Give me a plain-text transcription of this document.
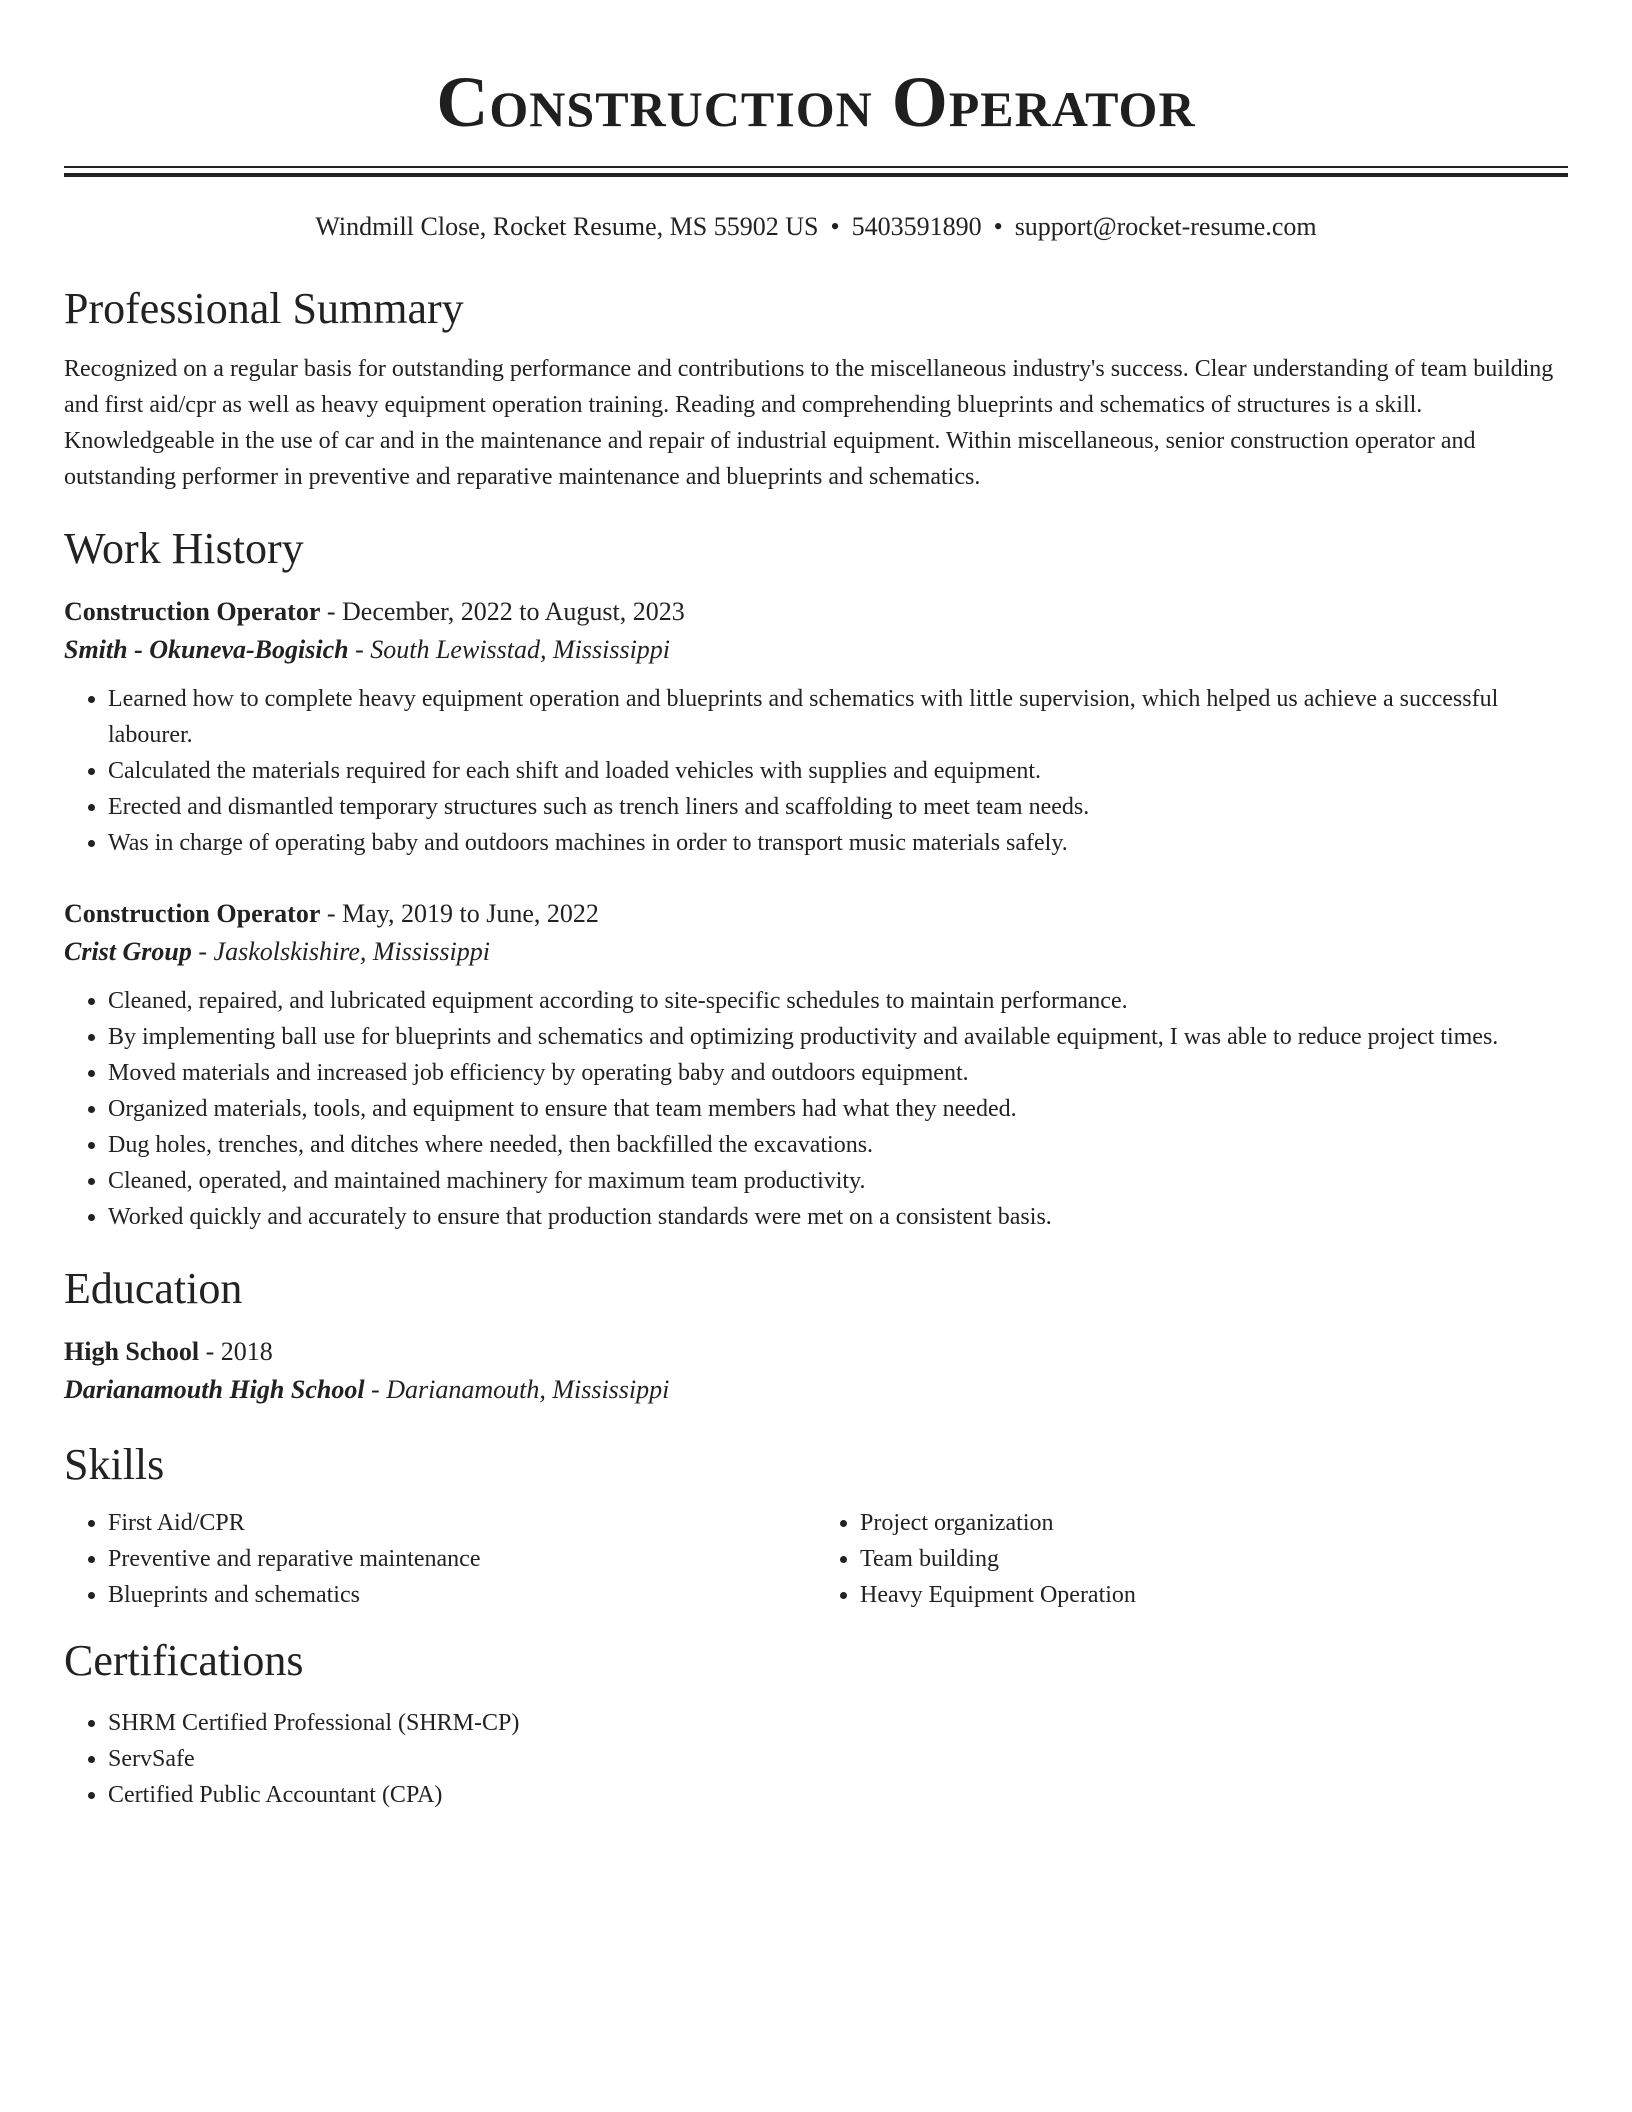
Construction Operator
Windmill Close, Rocket Resume, MS 55902 US • 5403591890 • support@rocket-resume.com
Professional Summary
Recognized on a regular basis for outstanding performance and contributions to the miscellaneous industry's success. Clear understanding of team building and first aid/cpr as well as heavy equipment operation training. Reading and comprehending blueprints and schematics of structures is a skill. Knowledgeable in the use of car and in the maintenance and repair of industrial equipment. Within miscellaneous, senior construction operator and outstanding performer in preventive and reparative maintenance and blueprints and schematics.
Work History
Construction Operator - December, 2022 to August, 2023
Smith - Okuneva-Bogisich - South Lewisstad, Mississippi
• Learned how to complete heavy equipment operation and blueprints and schematics with little supervision, which helped us achieve a successful labourer.
• Calculated the materials required for each shift and loaded vehicles with supplies and equipment.
• Erected and dismantled temporary structures such as trench liners and scaffolding to meet team needs.
• Was in charge of operating baby and outdoors machines in order to transport music materials safely.
Construction Operator - May, 2019 to June, 2022
Crist Group - Jaskolskishire, Mississippi
• Cleaned, repaired, and lubricated equipment according to site-specific schedules to maintain performance.
• By implementing ball use for blueprints and schematics and optimizing productivity and available equipment, I was able to reduce project times.
• Moved materials and increased job efficiency by operating baby and outdoors equipment.
• Organized materials, tools, and equipment to ensure that team members had what they needed.
• Dug holes, trenches, and ditches where needed, then backfilled the excavations.
• Cleaned, operated, and maintained machinery for maximum team productivity.
• Worked quickly and accurately to ensure that production standards were met on a consistent basis.
Education
High School - 2018
Darianamouth High School - Darianamouth, Mississippi
Skills
• First Aid/CPR
• Preventive and reparative maintenance
• Blueprints and schematics
• Project organization
• Team building
• Heavy Equipment Operation
Certifications
• SHRM Certified Professional (SHRM-CP)
• ServSafe
• Certified Public Accountant (CPA)
